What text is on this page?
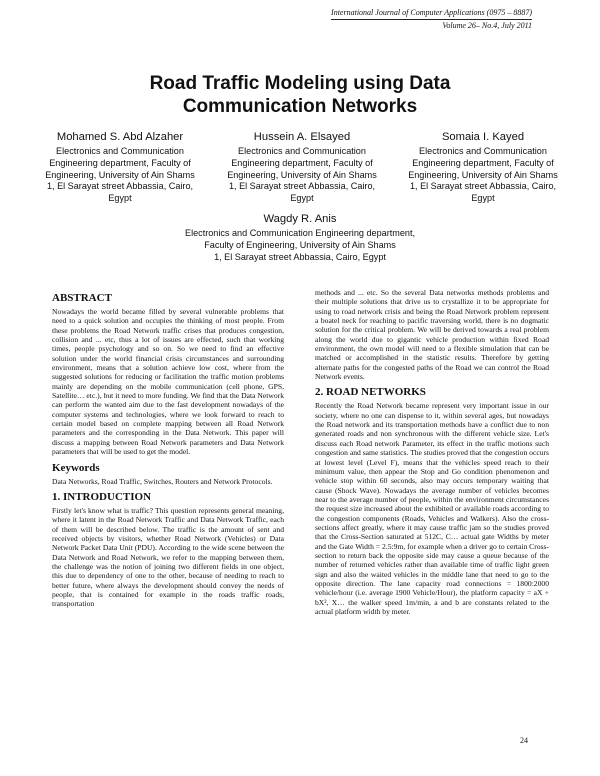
International Journal of Computer Applications (0975 – 8887)
Volume 26– No.4, July 2011
Road Traffic Modeling using Data
Communication Networks
Mohamed S. Abd Alzaher
Electronics and Communication
Engineering department, Faculty of
Engineering, University of Ain Shams
1, El Sarayat street Abbassia, Cairo,
Egypt
Hussein A. Elsayed
Electronics and Communication
Engineering department, Faculty of
Engineering, University of Ain Shams
1, El Sarayat street Abbassia, Cairo,
Egypt
Somaia I. Kayed
Electronics and Communication
Engineering department, Faculty of
Engineering, University of Ain Shams
1, El Sarayat street Abbassia, Cairo,
Egypt
Wagdy R. Anis
Electronics and Communication Engineering department,
Faculty of Engineering, University of Ain Shams
1, El Sarayat street Abbassia, Cairo, Egypt
ABSTRACT

Nowadays the world became filled by several vulnerable problems that need to a quick solution and occupies the thinking of most people. From these problems the Road Network traffic crises that produces congestion, collision and ... etc, thus a lot of issues are effected, such that working times, people psychology and so on. So we need to find an effective solution under the world financial crisis circumstances and surrounding environment, means that a solution achieve low cost, where from the suggested solutions for reducing or facilitation the traffic motion problems mainly are depending on the mobile communication (cell phone, GPS, Satellite… etc.), but it need to more funding. We find that the Data Network can perform the wanted aim due to the fast development nowadays of the computer systems and technologies, where we look forward to reach to certain model based on complete mapping between all Road Network parameters and the corresponding in the Data Network. This paper will discuss a mapping between Road Network parameters and Data Network parameters that will be used to get the model.

Keywords

Data Networks, Road Traffic, Switches, Routers and Network Protocols.

1. INTRODUCTION

Firstly let's know what is traffic? This question represents general meaning, where it latent in the Road Network Traffic and Data Network Traffic, each of them will be described below. The traffic is the amount of sent and received objects by visitors, whether Road Network (Vehicles) or Data Network Packet Data Unit (PDU). According to the wide scene between the Data Network and Road Network, we refer to the mapping between them, the challenge was the notion of joining two different fields in one object, this due to dependency of one to the other, because of needing to reach to better future, where always the development should convey the needs of people, that is contained for example in the roads traffic roads, transportation

methods and ... etc. So the several Data networks methods problems and their multiple solutions that drive us to crystallize it to be appropriate for using to road network crisis and being the Road Network problem represent a boatel neck for reaching to pacific traversing world, there is no dogmatic solution for the critical problem. We will be derived towards a real problem along the world due to gigantic vehicle production within fixed Road environment, the own model will need to a flexible simulation that can be matched or accomplished in the statistic results. Therefore by getting alternate paths for the congested paths of the Road we can control the Road Network events.

2. ROAD NETWORKS

Recently the Road Network became represent very important issue in our society, where no one can dispense to it, within several ages, but nowadays the Road network and its transportation methods have a conflict due to non generated roads and non synchronous with the different vehicle size. Let's discuss each Road network Parameter, its effect in the traffic motions such congestion and same statistics. The studies proved that the congestion occurs at lowest level (Level F), means that the vehicles speed reach to their minimum value, then appear the Stop and Go condition phenomenon and vehicle stop within 60 seconds, also may occurs temporary waiting that cause (Shock Wave). Nowadays the average number of vehicles becomes near to the average number of people, within the environment circumstances the request size increased about the exhibited or available roads according to the congestion components (Roads, Vehicles and Walkers). Also the cross-sections affect greatly, where it may cause traffic jam so the studies proved that the Cross-Section saturated at 512C, C… actual gate Widths by meter and the Gate Width = 2.5:9m, for example when a driver go to certain Cross-section to return back the opposite side may cause a queue because of the number of returned vehicles rather than available time of traffic light green sign and also the waited vehicles in the middle lane that need to go to the opposite direction. The lane capacity road connections = 1800:2000 vehicle/hour (i.e. average 1900 Vehicle/Hour), the platform capacity = aX + bX², X… the walker speed 1m/min, a and b are constants related to the actual platform width by meter.

24
